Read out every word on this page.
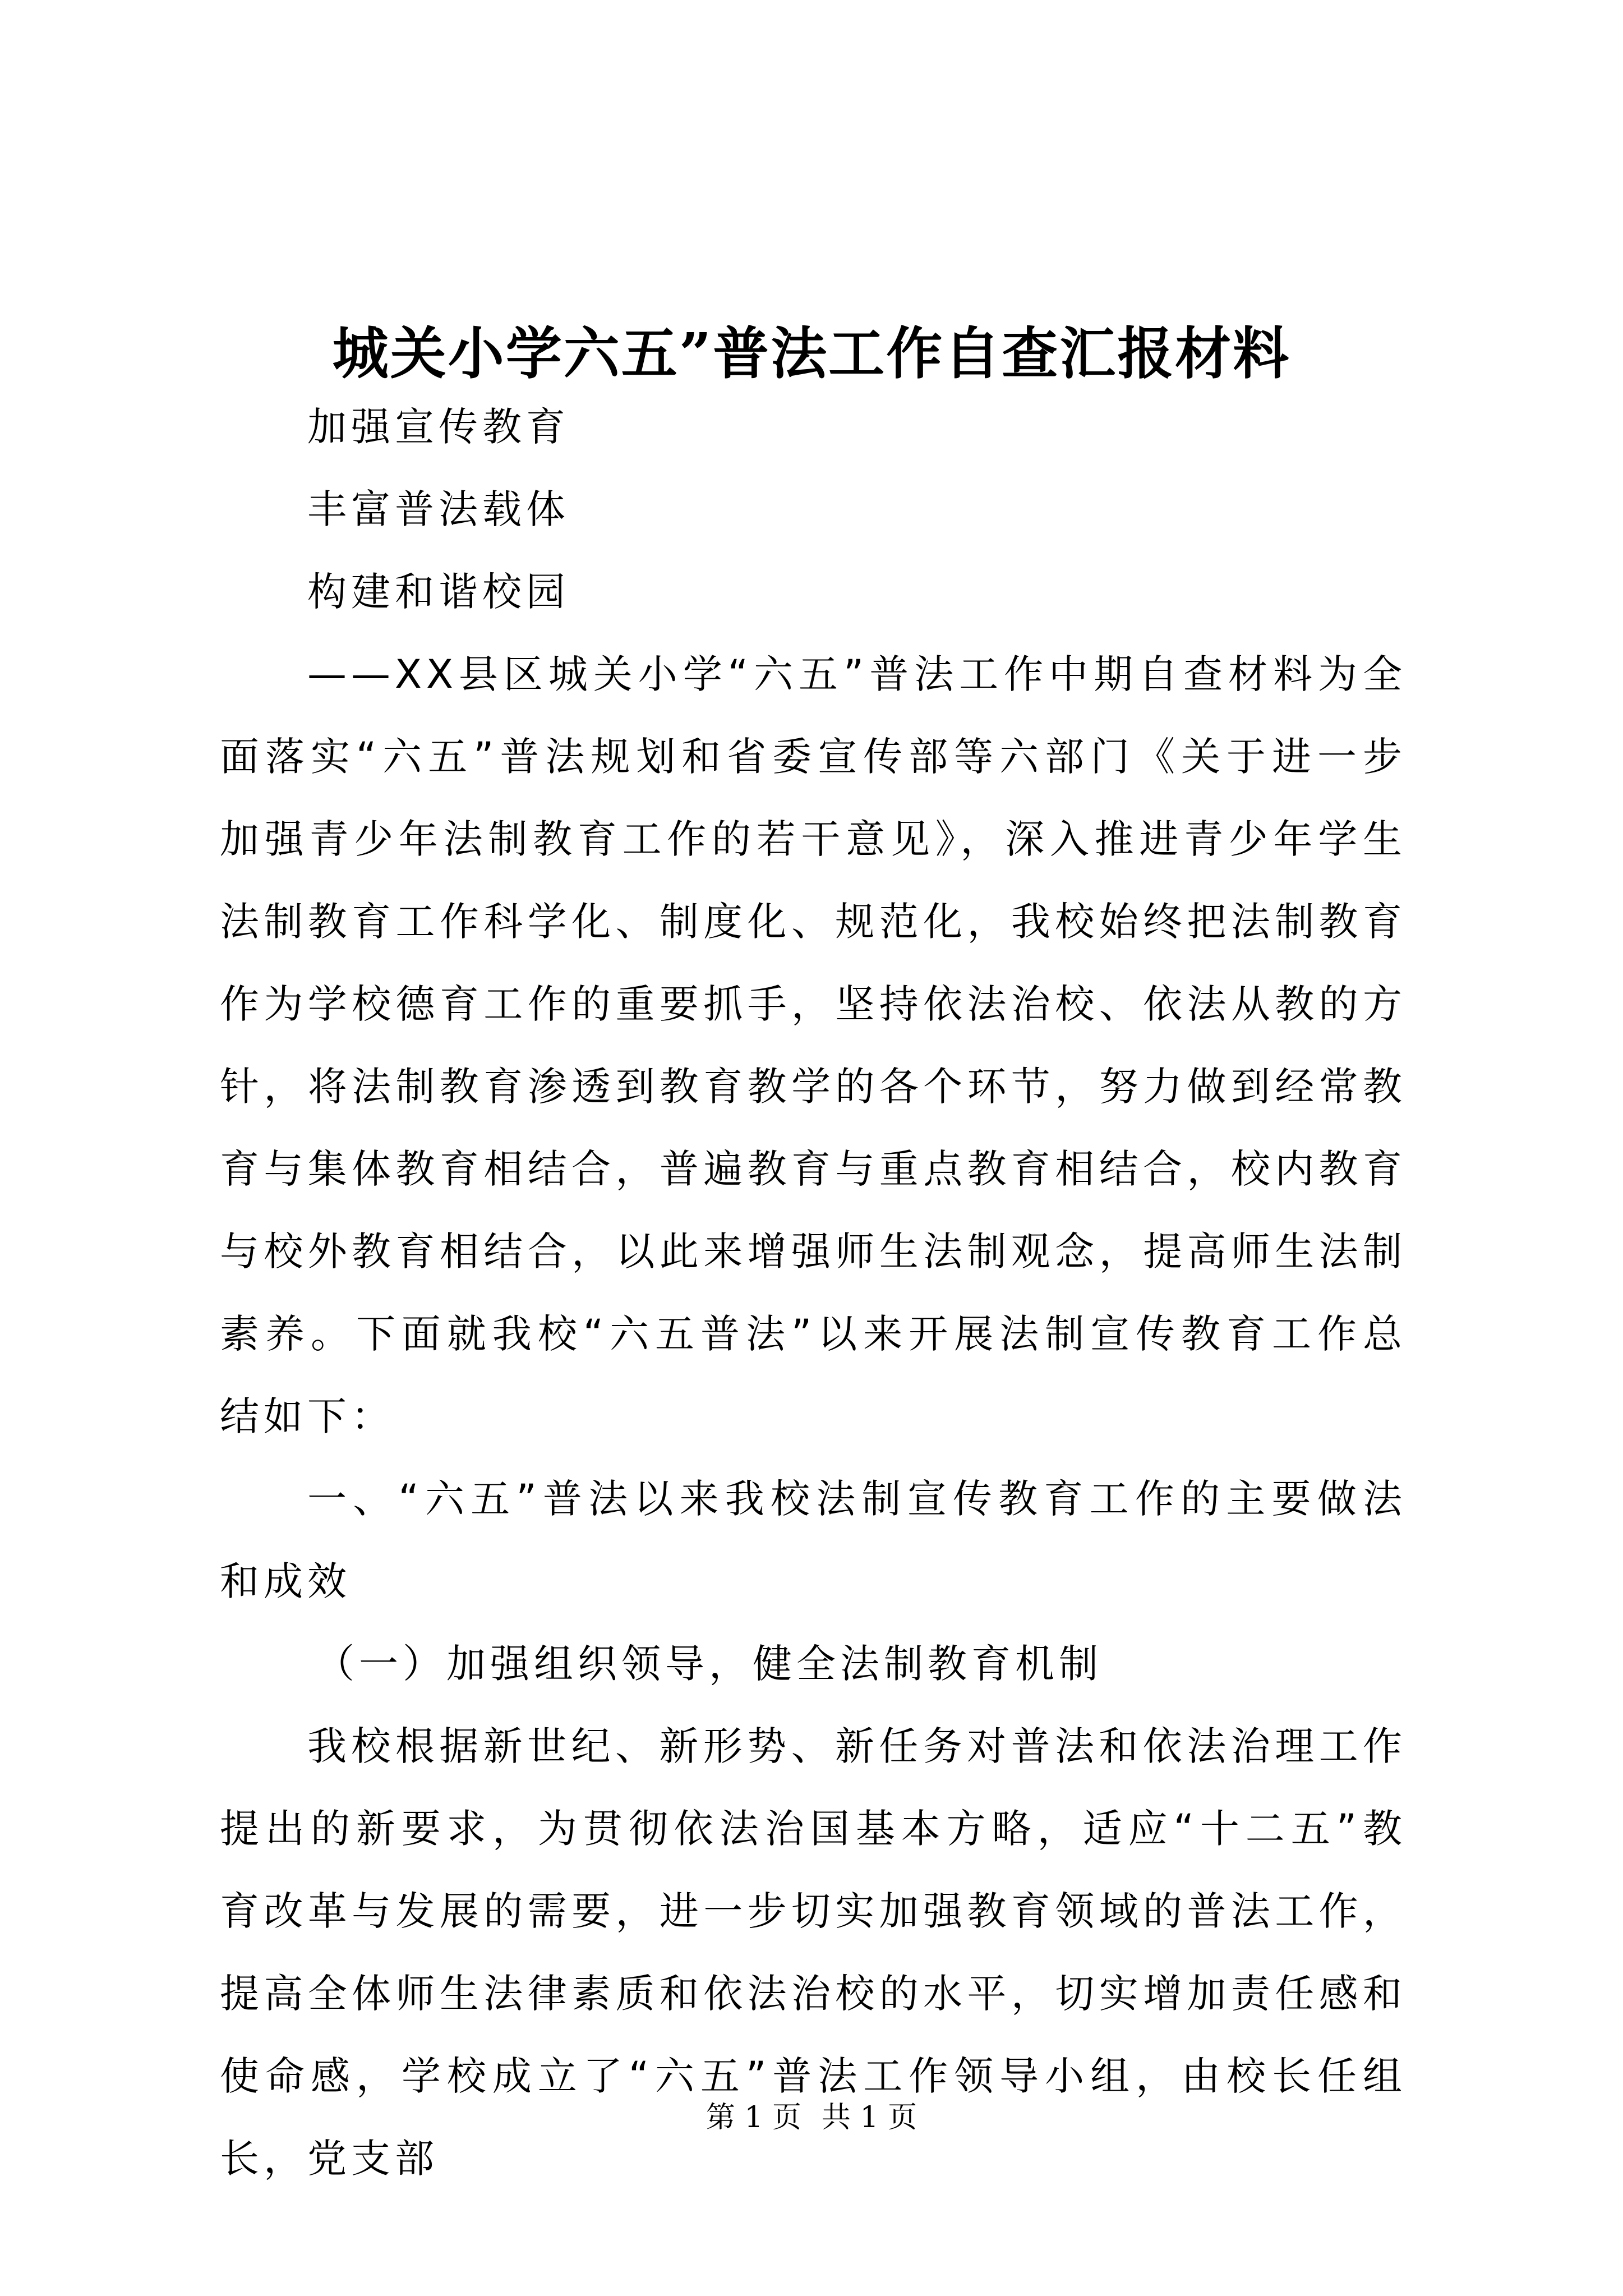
城关小学六五”普法工作自查汇报材料

加强宣传教育

丰富普法载体

构建和谐校园

——XX县区城关小学“六五”普法工作中期自查材料为全面落实“六五”普法规划和省委宣传部等六部门《关于进一步加强青少年法制教育工作的若干意见》，深入推进青少年学生法制教育工作科学化、制度化、规范化，我校始终把法制教育作为学校德育工作的重要抓手，坚持依法治校、依法从教的方针，将法制教育渗透到教育教学的各个环节，努力做到经常教育与集体教育相结合，普遍教育与重点教育相结合，校内教育与校外教育相结合，以此来增强师生法制观念，提高师生法制素养。下面就我校“六五普法”以来开展法制宣传教育工作总结如下：

一、“六五”普法以来我校法制宣传教育工作的主要做法和成效

（一）加强组织领导，健全法制教育机制

我校根据新世纪、新形势、新任务对普法和依法治理工作提出的新要求，为贯彻依法治国基本方略，适应“十二五”教育改革与发展的需要，进一步切实加强教育领域的普法工作，提高全体师生法律素质和依法治校的水平，切实增加责任感和使命感，学校成立了“六五”普法工作领导小组，由校长任组长，党支部

第 1 页 共 1 页
